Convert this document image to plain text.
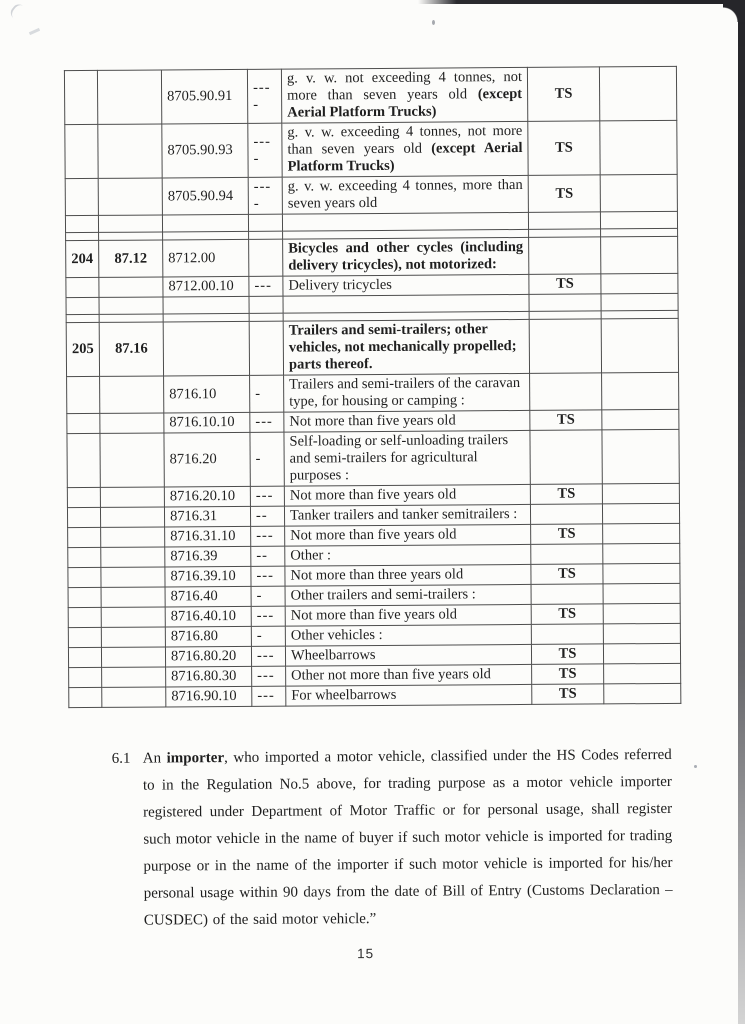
		8705.90.91	----	g. v. w. not exceeding 4 tonnes, not more than seven years old (except Aerial Platform Trucks)	TS	
		8705.90.93	----	g. v. w. exceeding 4 tonnes, not more than seven years old (except Aerial Platform Trucks)	TS	
		8705.90.94	----	g. v. w. exceeding 4 tonnes, more than seven years old	TS	

204	87.12	8712.00		Bicycles and other cycles (including delivery tricycles), not motorized:		
		8712.00.10	---	Delivery tricycles	TS	

205	87.16			Trailers and semi-trailers; other vehicles, not mechanically propelled; parts thereof.		
		8716.10	-	Trailers and semi-trailers of the caravan type, for housing or camping :		
		8716.10.10	---	Not more than five years old	TS	
		8716.20	-	Self-loading or self-unloading trailers and semi-trailers for agricultural purposes :		
		8716.20.10	---	Not more than five years old	TS	
		8716.31	--	Tanker trailers and tanker semitrailers :		
		8716.31.10	---	Not more than five years old	TS	
		8716.39	--	Other :		
		8716.39.10	---	Not more than three years old	TS	
		8716.40	-	Other trailers and semi-trailers :		
		8716.40.10	---	Not more than five years old	TS	
		8716.80	-	Other vehicles :		
		8716.80.20	---	Wheelbarrows	TS	
		8716.80.30	---	Other not more than five years old	TS	
		8716.90.10	---	For wheelbarrows	TS	
6.1 An importer, who imported a motor vehicle, classified under the HS Codes referred to in the Regulation No.5 above, for trading purpose as a motor vehicle importer registered under Department of Motor Traffic or for personal usage, shall register such motor vehicle in the name of buyer if such motor vehicle is imported for trading purpose or in the name of the importer if such motor vehicle is imported for his/her personal usage within 90 days from the date of Bill of Entry (Customs Declaration – CUSDEC) of the said motor vehicle.”
15
